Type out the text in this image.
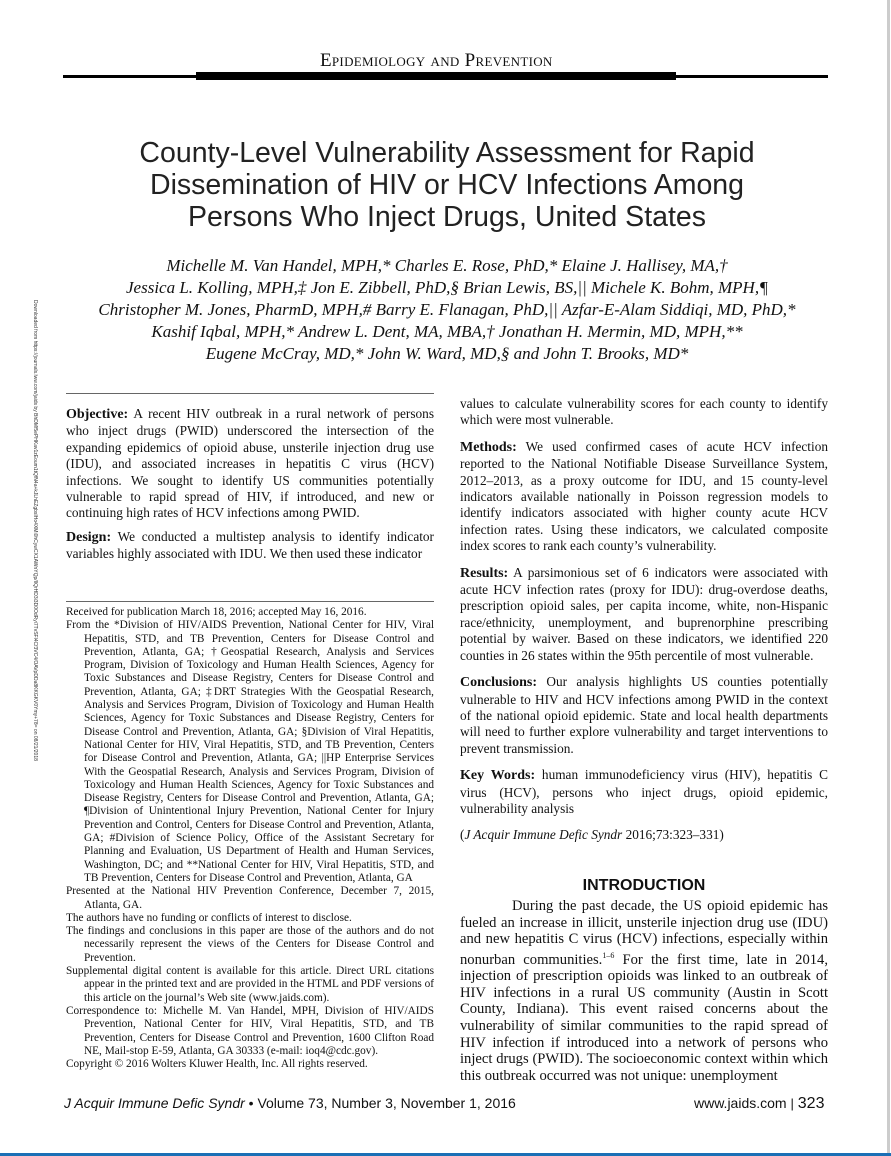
Downloaded from https://journals.lww.com/jaids by BhDMf5ePHKav1zEoum1tQfN4a+kJLhEZgbsIHo4XMi0hCywCX1AWnYQp/IlQrHD3i3D0OdRyi7TvSFl4Cf3VC4/OAVpDDa8KKGKV0Ymy+78= on 08/21/2018
Epidemiology and Prevention
County-Level Vulnerability Assessment for Rapid Dissemination of HIV or HCV Infections Among Persons Who Inject Drugs, United States
Michelle M. Van Handel, MPH,* Charles E. Rose, PhD,* Elaine J. Hallisey, MA,†
Jessica L. Kolling, MPH,‡ Jon E. Zibbell, PhD,§ Brian Lewis, BS,|| Michele K. Bohm, MPH,¶
Christopher M. Jones, PharmD, MPH,# Barry E. Flanagan, PhD,|| Azfar-E-Alam Siddiqi, MD, PhD,*
Kashif Iqbal, MPH,* Andrew L. Dent, MA, MBA,† Jonathan H. Mermin, MD, MPH,**
Eugene McCray, MD,* John W. Ward, MD,§ and John T. Brooks, MD*

Objective: A recent HIV outbreak in a rural network of persons who inject drugs (PWID) underscored the intersection of the expanding epidemics of opioid abuse, unsterile injection drug use (IDU), and associated increases in hepatitis C virus (HCV) infections. We sought to identify US communities potentially vulnerable to rapid spread of HIV, if introduced, and new or continuing high rates of HCV infections among PWID.

Design: We conducted a multistep analysis to identify indicator variables highly associated with IDU. We then used these indicator

values to calculate vulnerability scores for each county to identify which were most vulnerable.

Methods: We used confirmed cases of acute HCV infection reported to the National Notifiable Disease Surveillance System, 2012–2013, as a proxy outcome for IDU, and 15 county-level indicators available nationally in Poisson regression models to identify indicators associated with higher county acute HCV infection rates. Using these indicators, we calculated composite index scores to rank each county’s vulnerability.

Results: A parsimonious set of 6 indicators were associated with acute HCV infection rates (proxy for IDU): drug-overdose deaths, prescription opioid sales, per capita income, white, non-Hispanic race/ethnicity, unemployment, and buprenorphine prescribing potential by waiver. Based on these indicators, we identified 220 counties in 26 states within the 95th percentile of most vulnerable.

Conclusions: Our analysis highlights US counties potentially vulnerable to HIV and HCV infections among PWID in the context of the national opioid epidemic. State and local health departments will need to further explore vulnerability and target interventions to prevent transmission.

Key Words: human immunodeficiency virus (HIV), hepatitis C virus (HCV), persons who inject drugs, opioid epidemic, vulnerability analysis

(J Acquir Immune Defic Syndr 2016;73:323–331)

Received for publication March 18, 2016; accepted May 16, 2016.

From the *Division of HIV/AIDS Prevention, National Center for HIV, Viral Hepatitis, STD, and TB Prevention, Centers for Disease Control and Prevention, Atlanta, GA; †Geospatial Research, Analysis and Services Program, Division of Toxicology and Human Health Sciences, Agency for Toxic Substances and Disease Registry, Centers for Disease Control and Prevention, Atlanta, GA; ‡DRT Strategies With the Geospatial Research, Analysis and Services Program, Division of Toxicology and Human Health Sciences, Agency for Toxic Substances and Disease Registry, Centers for Disease Control and Prevention, Atlanta, GA; §Division of Viral Hepatitis, National Center for HIV, Viral Hepatitis, STD, and TB Prevention, Centers for Disease Control and Prevention, Atlanta, GA; ||HP Enterprise Services With the Geospatial Research, Analysis and Services Program, Division of Toxicology and Human Health Sciences, Agency for Toxic Substances and Disease Registry, Centers for Disease Control and Prevention, Atlanta, GA; ¶Division of Unintentional Injury Prevention, National Center for Injury Prevention and Control, Centers for Disease Control and Prevention, Atlanta, GA; #Division of Science Policy, Office of the Assistant Secretary for Planning and Evaluation, US Department of Health and Human Services, Washington, DC; and **National Center for HIV, Viral Hepatitis, STD, and TB Prevention, Centers for Disease Control and Prevention, Atlanta, GA

Presented at the National HIV Prevention Conference, December 7, 2015, Atlanta, GA.

The authors have no funding or conflicts of interest to disclose.

The findings and conclusions in this paper are those of the authors and do not necessarily represent the views of the Centers for Disease Control and Prevention.

Supplemental digital content is available for this article. Direct URL citations appear in the printed text and are provided in the HTML and PDF versions of this article on the journal’s Web site (www.jaids.com).

Correspondence to: Michelle M. Van Handel, MPH, Division of HIV/AIDS Prevention, National Center for HIV, Viral Hepatitis, STD, and TB Prevention, Centers for Disease Control and Prevention, 1600 Clifton Road NE, Mail-stop E-59, Atlanta, GA 30333 (e-mail: ioq4@cdc.gov).

Copyright © 2016 Wolters Kluwer Health, Inc. All rights reserved.

INTRODUCTION
During the past decade, the US opioid epidemic has fueled an increase in illicit, unsterile injection drug use (IDU) and new hepatitis C virus (HCV) infections, especially within nonurban communities.$^{1-6}$ For the first time, late in 2014, injection of prescription opioids was linked to an outbreak of HIV infections in a rural US community (Austin in Scott County, Indiana). This event raised concerns about the vulnerability of similar communities to the rapid spread of HIV infection if introduced into a network of persons who inject drugs (PWID). The socioeconomic context within which this outbreak occurred was not unique: unemployment
J Acquir Immune Defic Syndr • Volume 73, Number 3, November 1, 2016	www.jaids.com | 323
